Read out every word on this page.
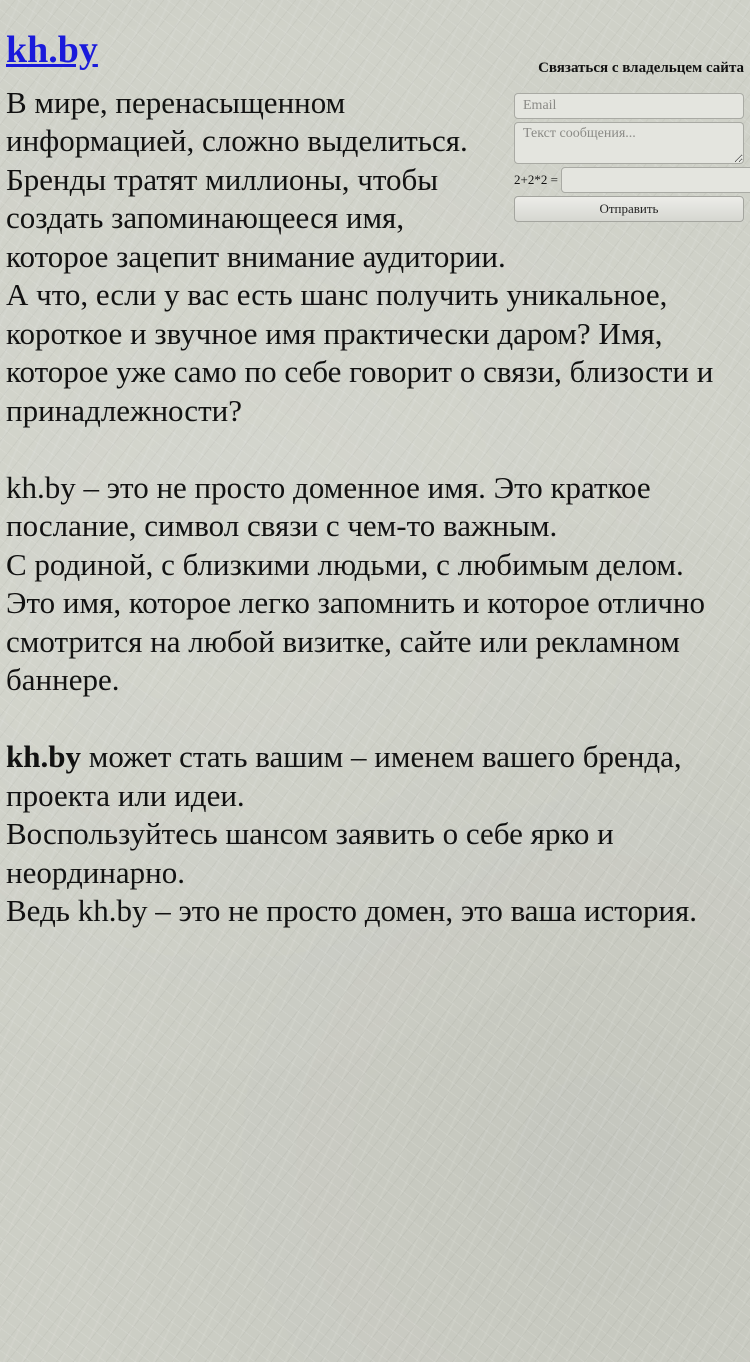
Связаться с владельцем сайта
Email
Текст сообщения...
2+2*2 =
Отправить
kh.by

В мире, перенасыщенном информацией, сложно выделиться.

Бренды тратят миллионы, чтобы создать запоминающееся имя, которое зацепит внимание аудитории.

А что, если у вас есть шанс получить уникальное, короткое и звучное имя практически даром? Имя, которое уже само по себе говорит о связи, близости и принадлежности?

kh.by – это не просто доменное имя. Это краткое послание, символ связи с чем-то важным.

С родиной, с близкими людьми, с любимым делом.

Это имя, которое легко запомнить и которое отлично смотрится на любой визитке, сайте или рекламном баннере.

kh.by может стать вашим – именем вашего бренда, проекта или идеи.

Воспользуйтесь шансом заявить о себе ярко и неординарно.

Ведь kh.by – это не просто домен, это ваша история.
